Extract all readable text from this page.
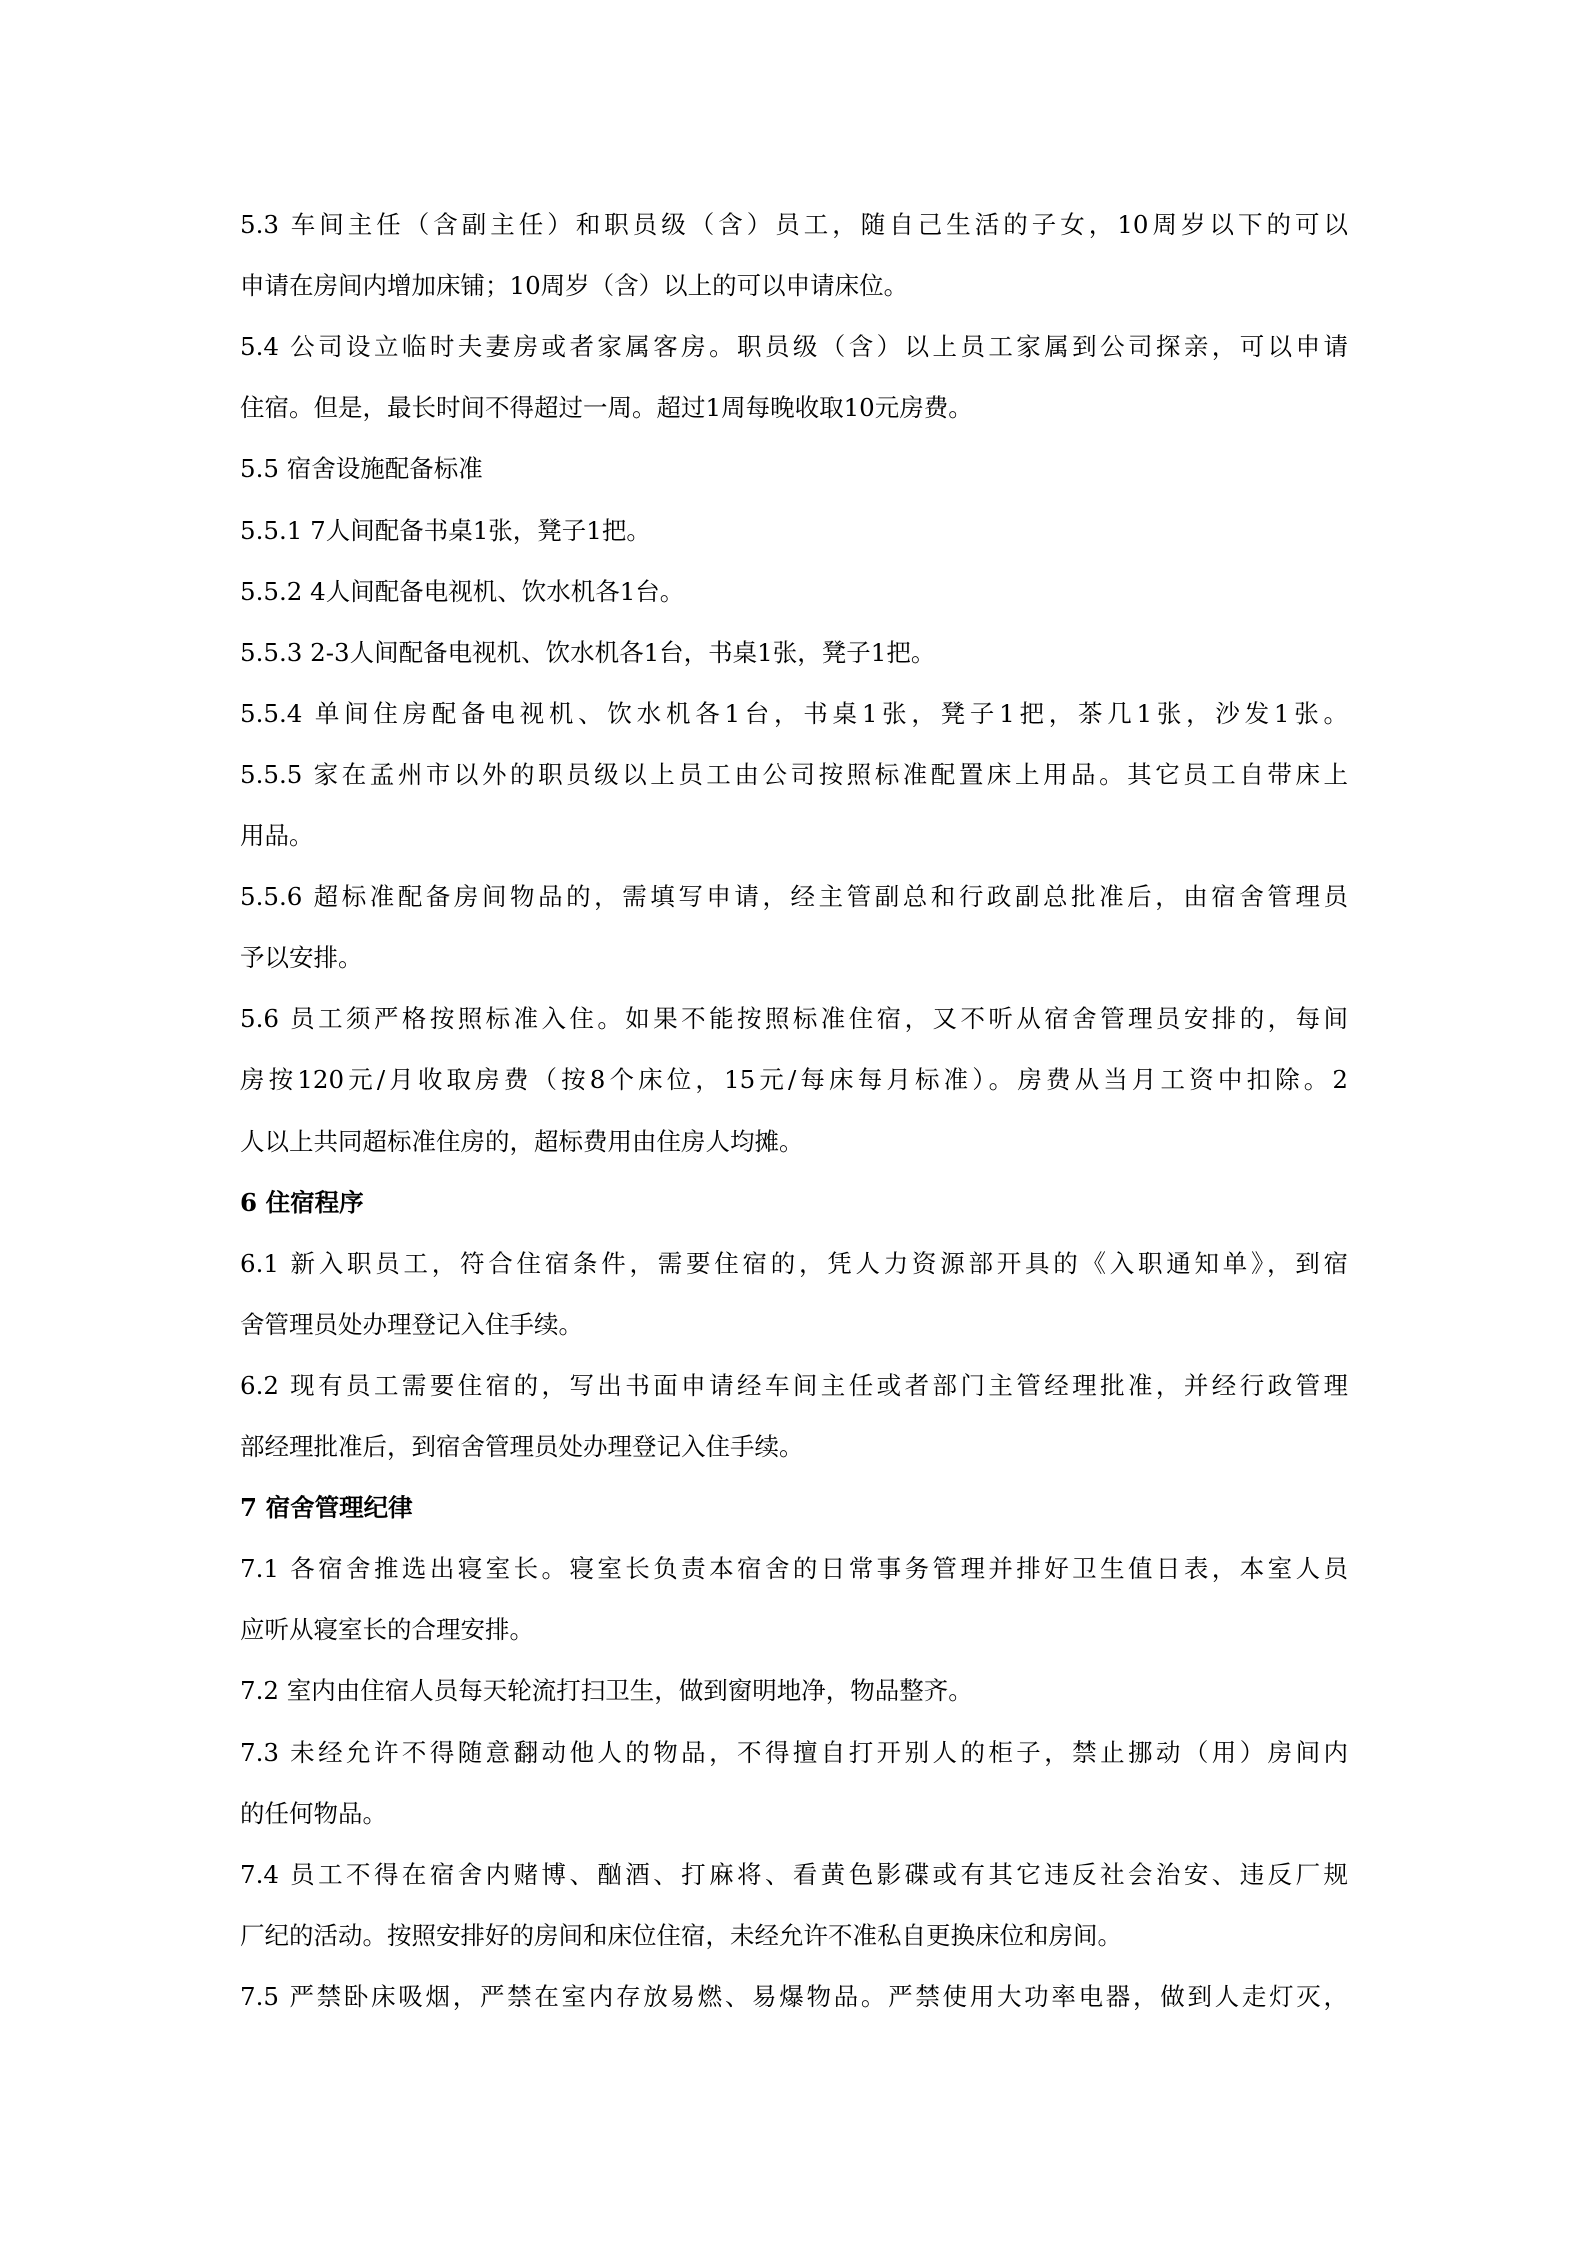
5.3 车间主任（含副主任）和职员级（含）员工，随自己生活的子女，10周岁以下的可以
申请在房间内增加床铺；10周岁（含）以上的可以申请床位。
5.4 公司设立临时夫妻房或者家属客房。职员级（含）以上员工家属到公司探亲，可以申请
住宿。但是，最长时间不得超过一周。超过1周每晚收取10元房费。
5.5 宿舍设施配备标准
5.5.1 7人间配备书桌1张，凳子1把。
5.5.2 4人间配备电视机、饮水机各1台。
5.5.3 2-3人间配备电视机、饮水机各1台，书桌1张，凳子1把。
5.5.4 单间住房配备电视机、饮水机各1台，书桌1张，凳子1把，茶几1张，沙发1张。
5.5.5 家在孟州市以外的职员级以上员工由公司按照标准配置床上用品。其它员工自带床上
用品。
5.5.6 超标准配备房间物品的，需填写申请，经主管副总和行政副总批准后，由宿舍管理员
予以安排。
5.6 员工须严格按照标准入住。如果不能按照标准住宿，又不听从宿舍管理员安排的，每间
房按120元/月收取房费（按8个床位，15元/每床每月标准）。房费从当月工资中扣除。2
人以上共同超标准住房的，超标费用由住房人均摊。
6 住宿程序
6.1 新入职员工，符合住宿条件，需要住宿的，凭人力资源部开具的《入职通知单》，到宿
舍管理员处办理登记入住手续。
6.2 现有员工需要住宿的，写出书面申请经车间主任或者部门主管经理批准，并经行政管理
部经理批准后，到宿舍管理员处办理登记入住手续。
7 宿舍管理纪律
7.1 各宿舍推选出寝室长。寝室长负责本宿舍的日常事务管理并排好卫生值日表，本室人员
应听从寝室长的合理安排。
7.2 室内由住宿人员每天轮流打扫卫生，做到窗明地净，物品整齐。
7.3 未经允许不得随意翻动他人的物品，不得擅自打开别人的柜子，禁止挪动（用）房间内
的任何物品。
7.4 员工不得在宿舍内赌博、酗酒、打麻将、看黄色影碟或有其它违反社会治安、违反厂规
厂纪的活动。按照安排好的房间和床位住宿，未经允许不准私自更换床位和房间。
7.5 严禁卧床吸烟，严禁在室内存放易燃、易爆物品。严禁使用大功率电器，做到人走灯灭，
